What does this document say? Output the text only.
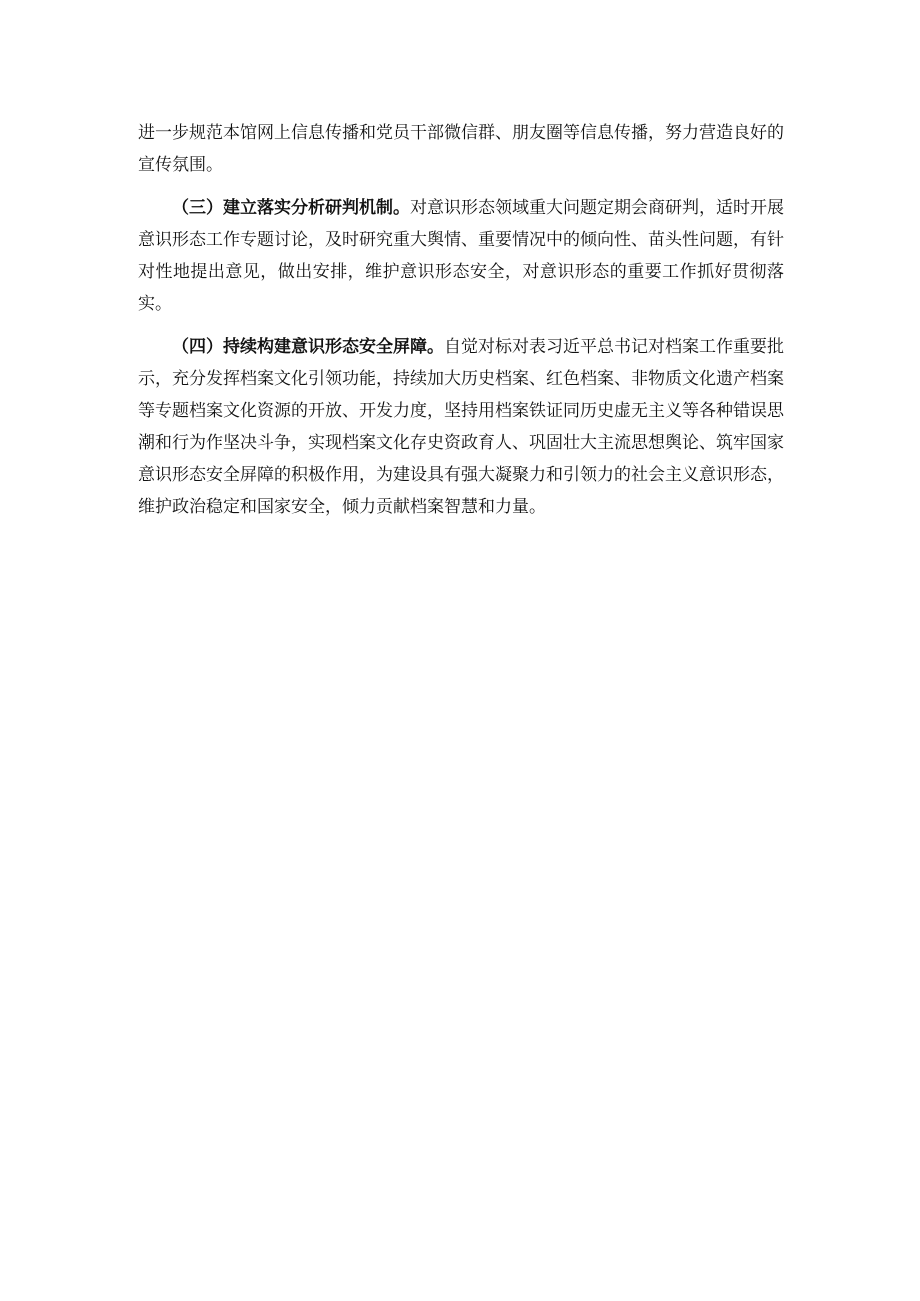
进一步规范本馆网上信息传播和党员干部微信群、朋友圈等信息传播，努力营造良好的宣传氛围。

（三）建立落实分析研判机制。对意识形态领域重大问题定期会商研判，适时开展意识形态工作专题讨论，及时研究重大舆情、重要情况中的倾向性、苗头性问题，有针对性地提出意见，做出安排，维护意识形态安全，对意识形态的重要工作抓好贯彻落实。

（四）持续构建意识形态安全屏障。自觉对标对表习近平总书记对档案工作重要批示，充分发挥档案文化引领功能，持续加大历史档案、红色档案、非物质文化遗产档案等专题档案文化资源的开放、开发力度，坚持用档案铁证同历史虚无主义等各种错误思潮和行为作坚决斗争，实现档案文化存史资政育人、巩固壮大主流思想舆论、筑牢国家意识形态安全屏障的积极作用，为建设具有强大凝聚力和引领力的社会主义意识形态，维护政治稳定和国家安全，倾力贡献档案智慧和力量。
